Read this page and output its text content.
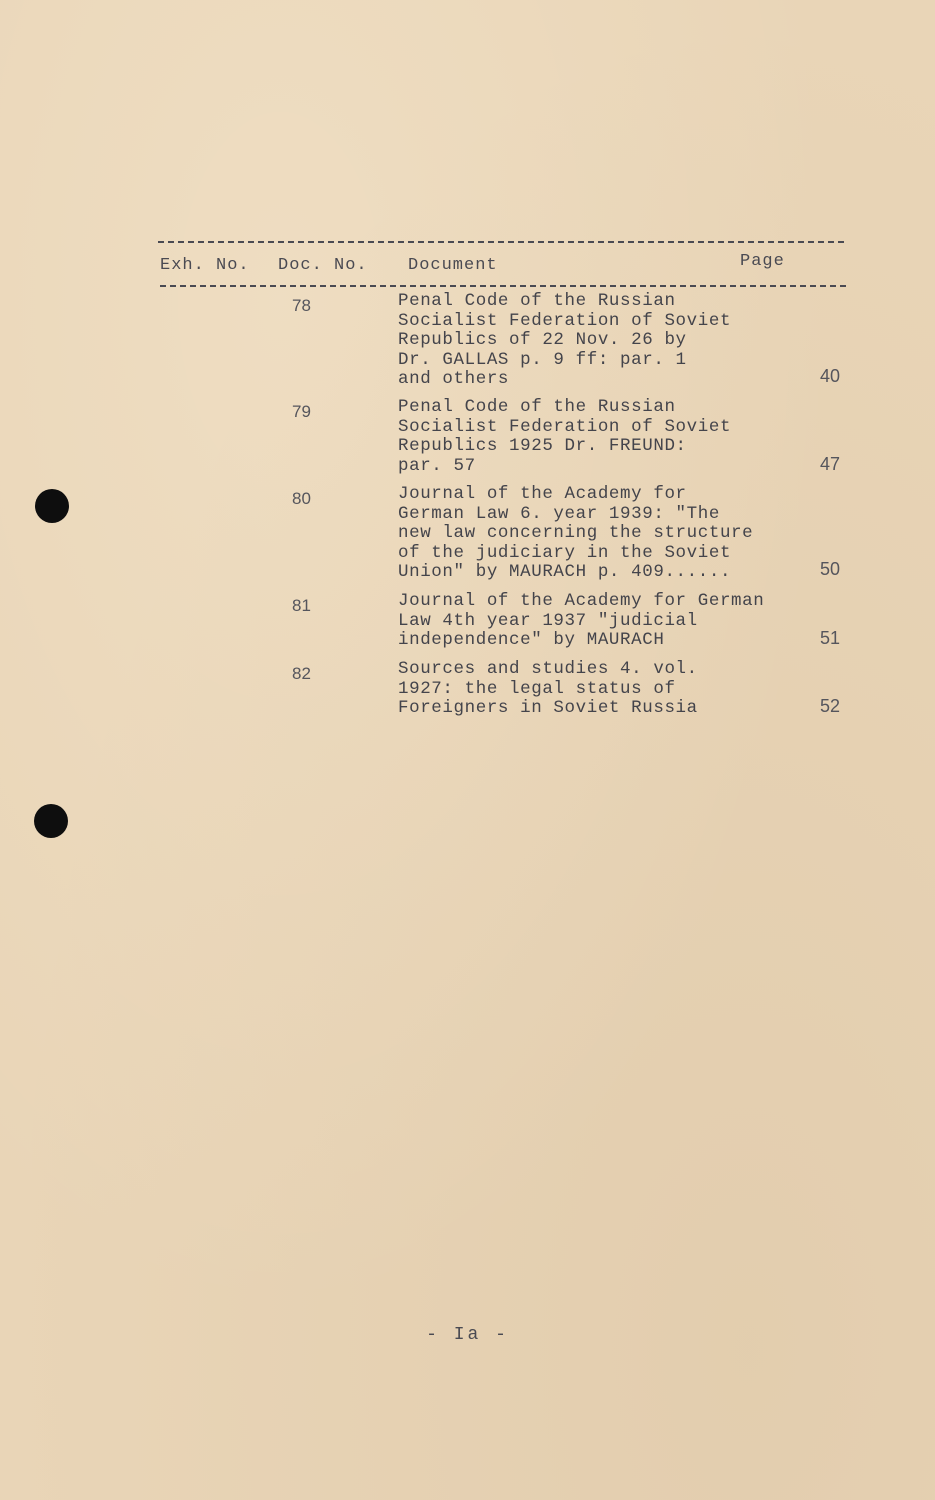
Exh. No. Doc. No. Document	Page
78	Penal Code of the Russian
Socialist Federation of Soviet
Republics of 22 Nov. 26 by
Dr. GALLAS p. 9 ff: par. 1
and others	40
79	Penal Code of the Russian
Socialist Federation of Soviet
Republics 1925 Dr. FREUND:
par. 57	47
80	Journal of the Academy for
German Law 6. year 1939: "The
new law concerning the structure
of the judiciary in the Soviet
Union" by MAURACH p. 409......	50
81	Journal of the Academy for German
Law 4th year 1937 "judicial
independence" by MAURACH	51
82	Sources and studies 4. vol.
1927: the legal status of
Foreigners in Soviet Russia	52
- Ia -
